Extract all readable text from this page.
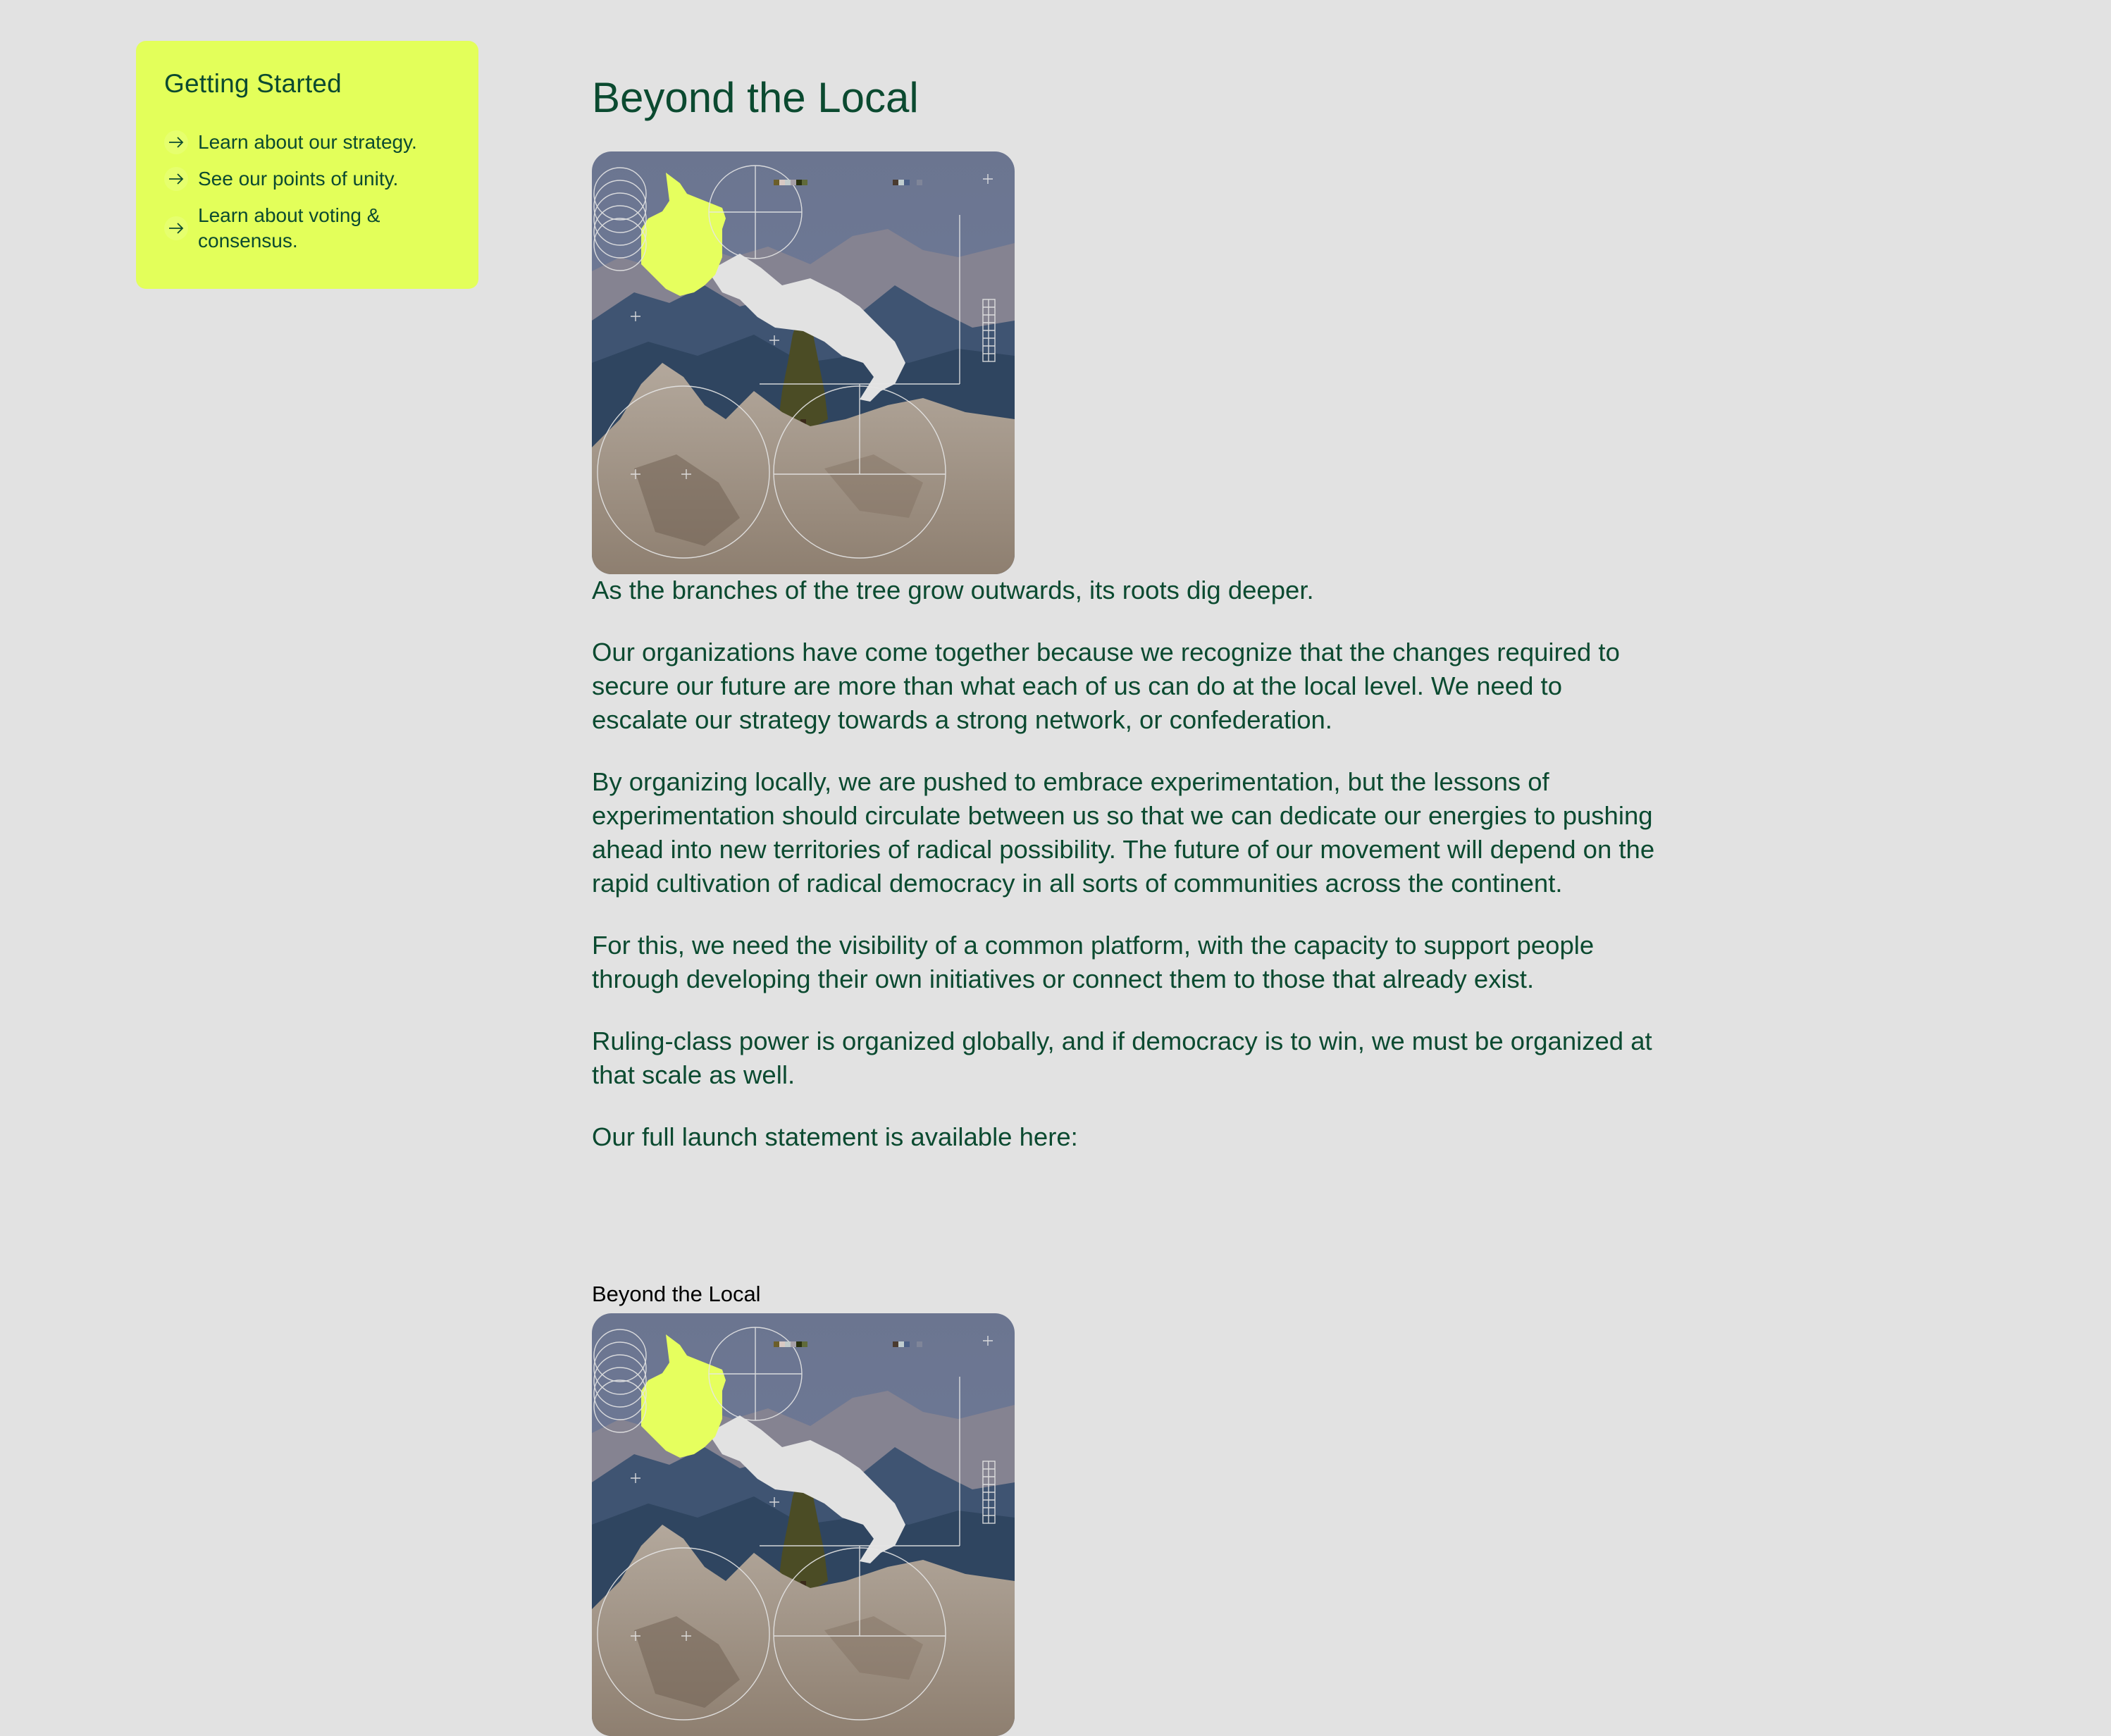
Getting Started
Learn about our strategy.
See our points of unity.
Learn about voting & consensus.
Beyond the Local

As the branches of the tree grow outwards, its roots dig deeper.

Our organizations have come together because we recognize that the changes required to secure our future are more than what each of us can do at the local level. We need to escalate our strategy towards a strong network, or confederation.

By organizing locally, we are pushed to embrace experimentation, but the lessons of experimentation should circulate between us so that we can dedicate our energies to pushing ahead into new territories of radical possibility. The future of our movement will depend on the rapid cultivation of radical democracy in all sorts of communities across the continent.

For this, we need the visibility of a common platform, with the capacity to support people through developing their own initiatives or connect them to those that already exist.

Ruling-class power is organized globally, and if democracy is to win, we must be organized at that scale as well.

Our full launch statement is available here:

Beyond the Local
